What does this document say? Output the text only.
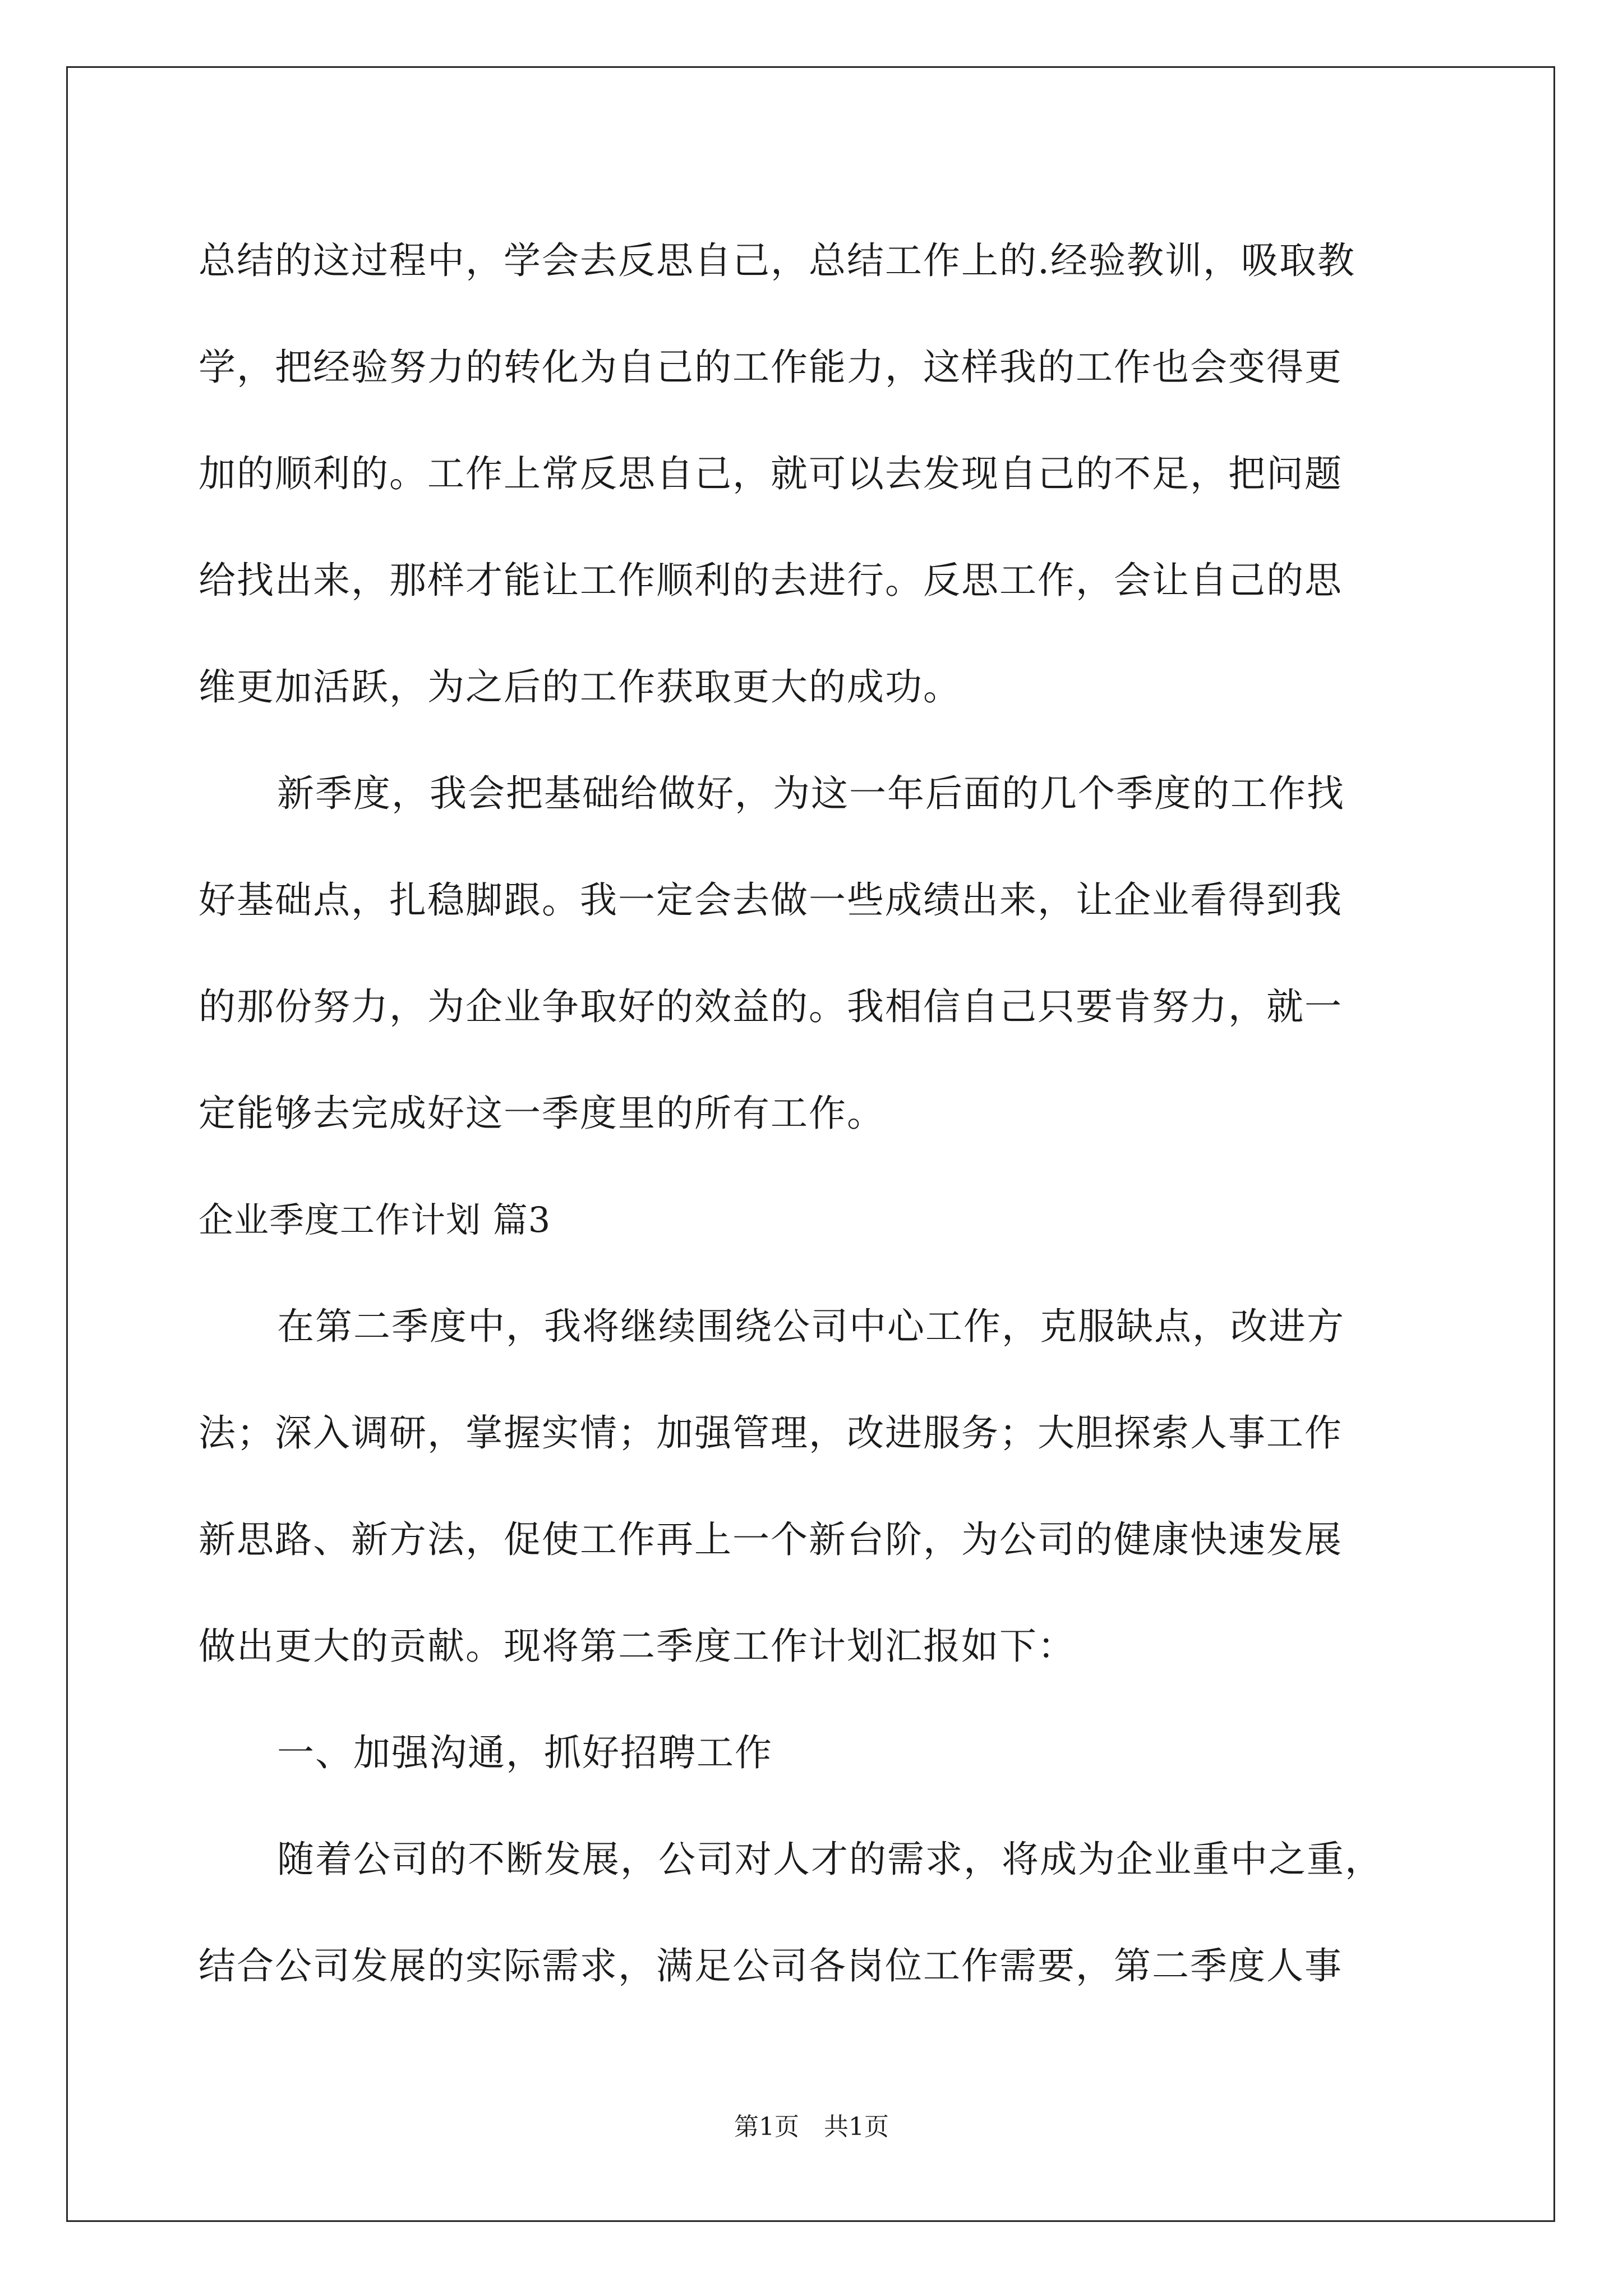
总结的这过程中，学会去反思自己，总结工作上的.经验教训，吸取教
学，把经验努力的转化为自己的工作能力，这样我的工作也会变得更
加的顺利的。工作上常反思自己，就可以去发现自己的不足，把问题
给找出来，那样才能让工作顺利的去进行。反思工作，会让自己的思
维更加活跃，为之后的工作获取更大的成功。

新季度，我会把基础给做好，为这一年后面的几个季度的工作找
好基础点，扎稳脚跟。我一定会去做一些成绩出来，让企业看得到我
的那份努力，为企业争取好的效益的。我相信自己只要肯努力，就一
定能够去完成好这一季度里的所有工作。

企业季度工作计划 篇3

在第二季度中，我将继续围绕公司中心工作，克服缺点，改进方
法；深入调研，掌握实情；加强管理，改进服务；大胆探索人事工作
新思路、新方法，促使工作再上一个新台阶，为公司的健康快速发展
做出更大的贡献。现将第二季度工作计划汇报如下：

一、加强沟通，抓好招聘工作

随着公司的不断发展，公司对人才的需求，将成为企业重中之重，
结合公司发展的实际需求，满足公司各岗位工作需要，第二季度人事

第1页　共1页
